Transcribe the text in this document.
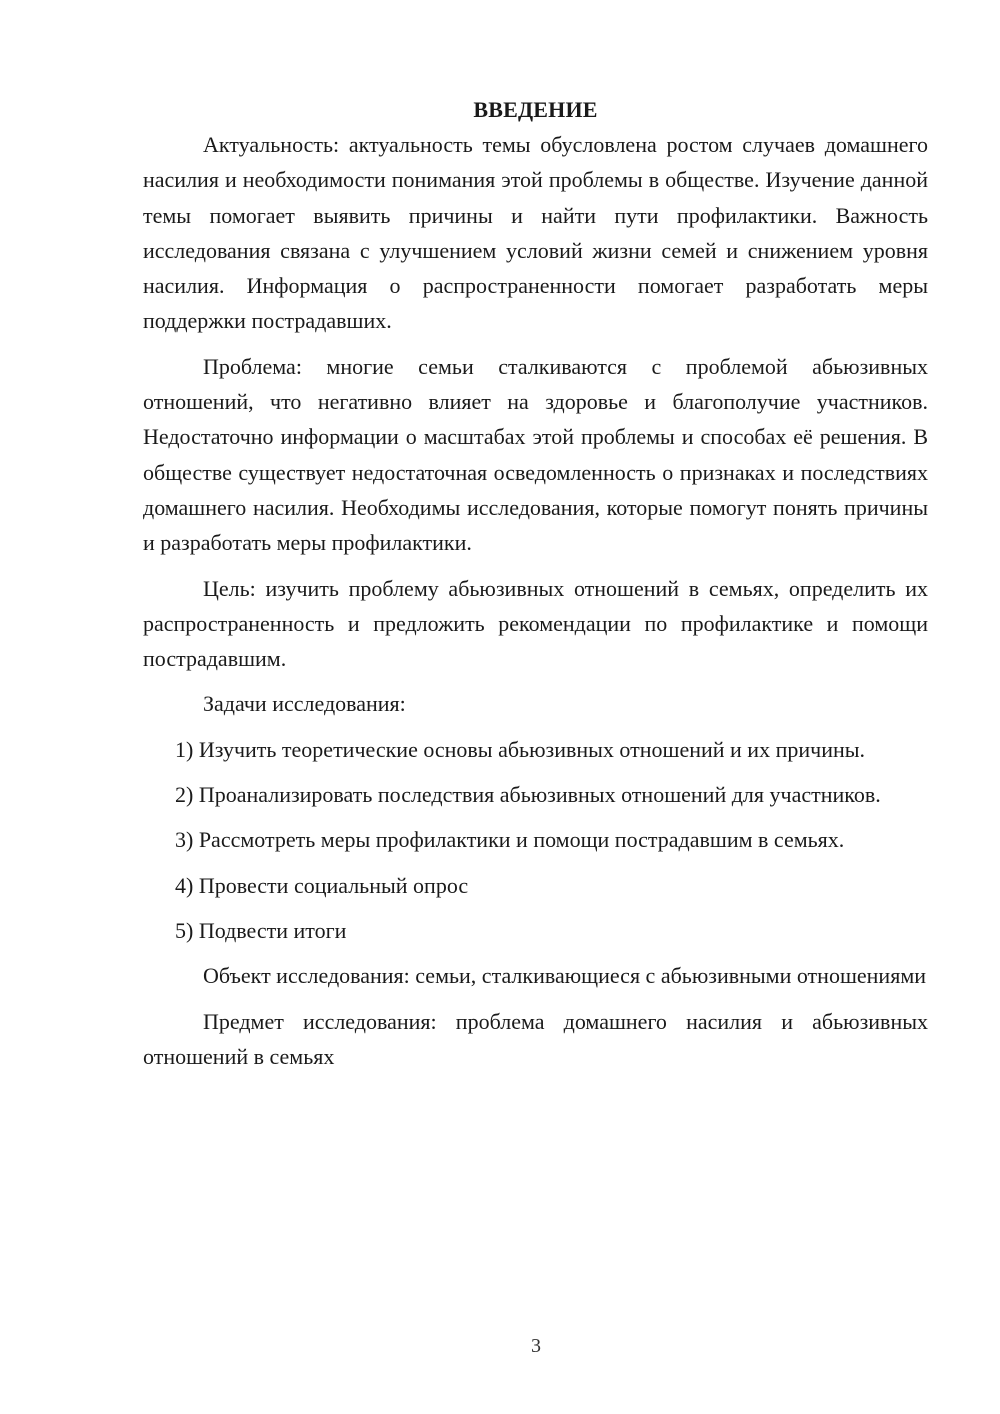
ВВЕДЕНИЕ

Актуальность: актуальность темы обусловлена ростом случаев домашнего насилия и необходимости понимания этой проблемы в обществе. Изучение данной темы помогает выявить причины и найти пути профилактики. Важность исследования связана с улучшением условий жизни семей и снижением уровня насилия. Информация о распространенности помогает разработать меры поддержки пострадавших.

Проблема: многие семьи сталкиваются с проблемой абьюзивных отношений, что негативно влияет на здоровье и благополучие участников. Недостаточно информации о масштабах этой проблемы и способах её решения. В обществе существует недостаточная осведомленность о признаках и последствиях домашнего насилия. Необходимы исследования, которые помогут понять причины и разработать меры профилактики.

Цель: изучить проблему абьюзивных отношений в семьях, определить их распространенность и предложить рекомендации по профилактике и помощи пострадавшим.

Задачи исследования:

1) Изучить теоретические основы абьюзивных отношений и их причины.

2) Проанализировать последствия абьюзивных отношений для участников.

3) Рассмотреть меры профилактики и помощи пострадавшим в семьях.

4) Провести социальный опрос

5) Подвести итоги

Объект исследования: семьи, сталкивающиеся с абьюзивными отношениями

Предмет исследования: проблема домашнего насилия и абьюзивных отношений в семьях

3
